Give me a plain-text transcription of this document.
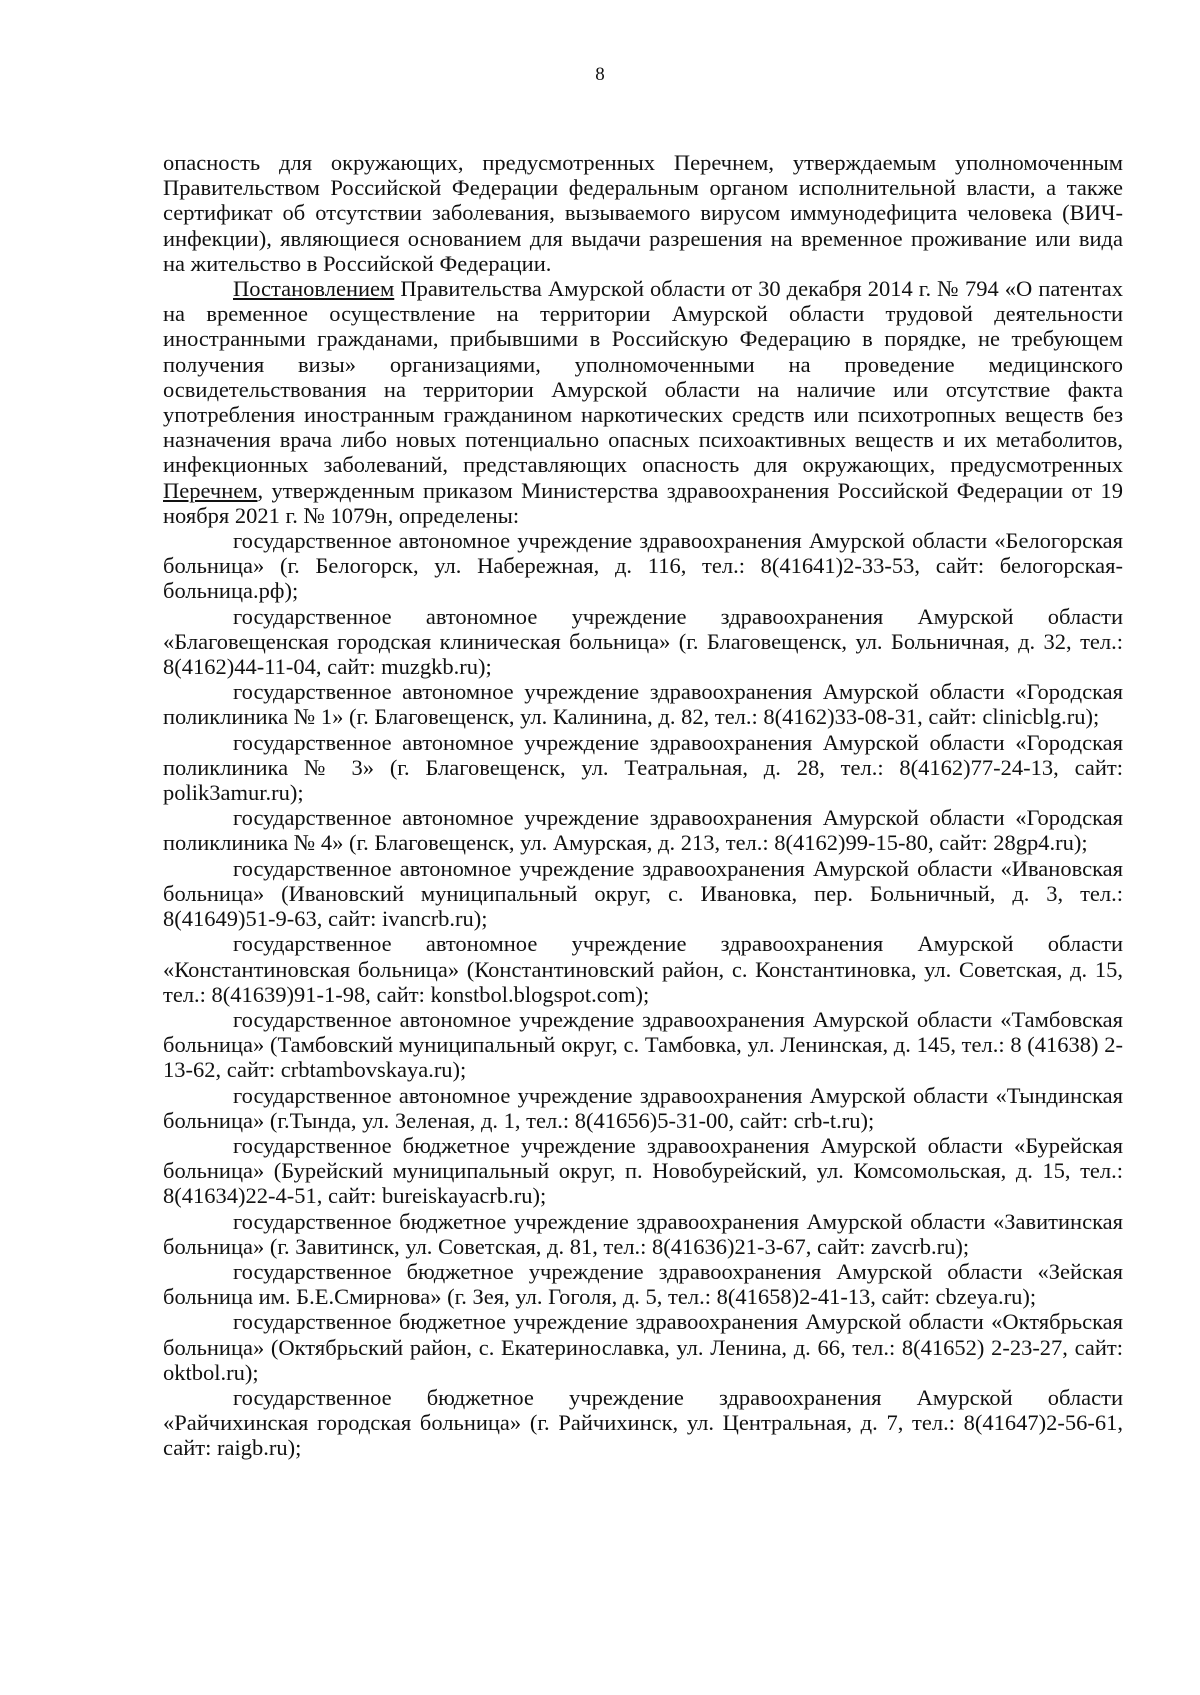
8

опасность для окружающих, предусмотренных Перечнем, утверждаемым уполномоченным Правительством Российской Федерации федеральным органом исполнительной власти, а также сертификат об отсутствии заболевания, вызываемого вирусом иммунодефицита человека (ВИЧ-инфекции), являющиеся основанием для выдачи разрешения на временное проживание или вида на жительство в Российской Федерации.

Постановлением Правительства Амурской области от 30 декабря 2014 г. № 794 «О патентах на временное осуществление на территории Амурской области трудовой деятельности иностранными гражданами, прибывшими в Российскую Федерацию в порядке, не требующем получения визы» организациями, уполномоченными на проведение медицинского освидетельствования на территории Амурской области на наличие или отсутствие факта употребления иностранным гражданином наркотических средств или психотропных веществ без назначения врача либо новых потенциально опасных психоактивных веществ и их метаболитов, инфекционных заболеваний, представляющих опасность для окружающих, предусмотренных Перечнем, утвержденным приказом Министерства здравоохранения Российской Федерации от 19 ноября 2021 г. № 1079н, определены:

государственное автономное учреждение здравоохранения Амурской области «Белогорская больница» (г. Белогорск, ул. Набережная, д. 116, тел.: 8(41641)2-33-53, сайт: белогорская-больница.рф);

государственное автономное учреждение здравоохранения Амурской области «Благовещенская городская клиническая больница» (г. Благовещенск, ул. Больничная, д. 32, тел.: 8(4162)44-11-04, сайт: muzgkb.ru);

государственное автономное учреждение здравоохранения Амурской области «Городская поликлиника № 1» (г. Благовещенск, ул. Калинина, д. 82, тел.: 8(4162)33-08-31, сайт: clinicblg.ru);

государственное автономное учреждение здравоохранения Амурской области «Городская поликлиника № 3» (г. Благовещенск, ул. Театральная, д. 28, тел.: 8(4162)77-24-13, сайт: polik3amur.ru);

государственное автономное учреждение здравоохранения Амурской области «Городская поликлиника № 4» (г. Благовещенск, ул. Амурская, д. 213, тел.: 8(4162)99-15-80, сайт: 28gp4.ru);

государственное автономное учреждение здравоохранения Амурской области «Ивановская больница» (Ивановский муниципальный округ, с. Ивановка, пер. Больничный, д. 3, тел.: 8(41649)51-9-63, сайт: ivancrb.ru);

государственное автономное учреждение здравоохранения Амурской области «Константиновская больница» (Константиновский район, с. Константиновка, ул. Советская, д. 15, тел.: 8(41639)91-1-98, сайт: konstbol.blogspot.com);

государственное автономное учреждение здравоохранения Амурской области «Тамбовская больница» (Тамбовский муниципальный округ, с. Тамбовка, ул. Ленинская, д. 145, тел.: 8 (41638) 2-13-62, сайт: crbtambovskaya.ru);

государственное автономное учреждение здравоохранения Амурской области «Тындинская больница» (г.Тында, ул. Зеленая, д. 1, тел.: 8(41656)5-31-00, сайт: crb-t.ru);

государственное бюджетное учреждение здравоохранения Амурской области «Бурейская больница» (Бурейский муниципальный округ, п. Новобурейский, ул. Комсомольская, д. 15, тел.: 8(41634)22-4-51, сайт: bureiskayacrb.ru);

государственное бюджетное учреждение здравоохранения Амурской области «Завитинская больница» (г. Завитинск, ул. Советская, д. 81, тел.: 8(41636)21-3-67, сайт: zavcrb.ru);

государственное бюджетное учреждение здравоохранения Амурской области «Зейская больница им. Б.Е.Смирнова» (г. Зея, ул. Гоголя, д. 5, тел.: 8(41658)2-41-13, сайт: cbzeya.ru);

государственное бюджетное учреждение здравоохранения Амурской области «Октябрьская больница» (Октябрьский район, с. Екатеринославка, ул. Ленина, д. 66, тел.: 8(41652) 2-23-27, сайт: oktbol.ru);

государственное бюджетное учреждение здравоохранения Амурской области «Райчихинская городская больница» (г. Райчихинск, ул. Центральная, д. 7, тел.: 8(41647)2-56-61, сайт: raigb.ru);
